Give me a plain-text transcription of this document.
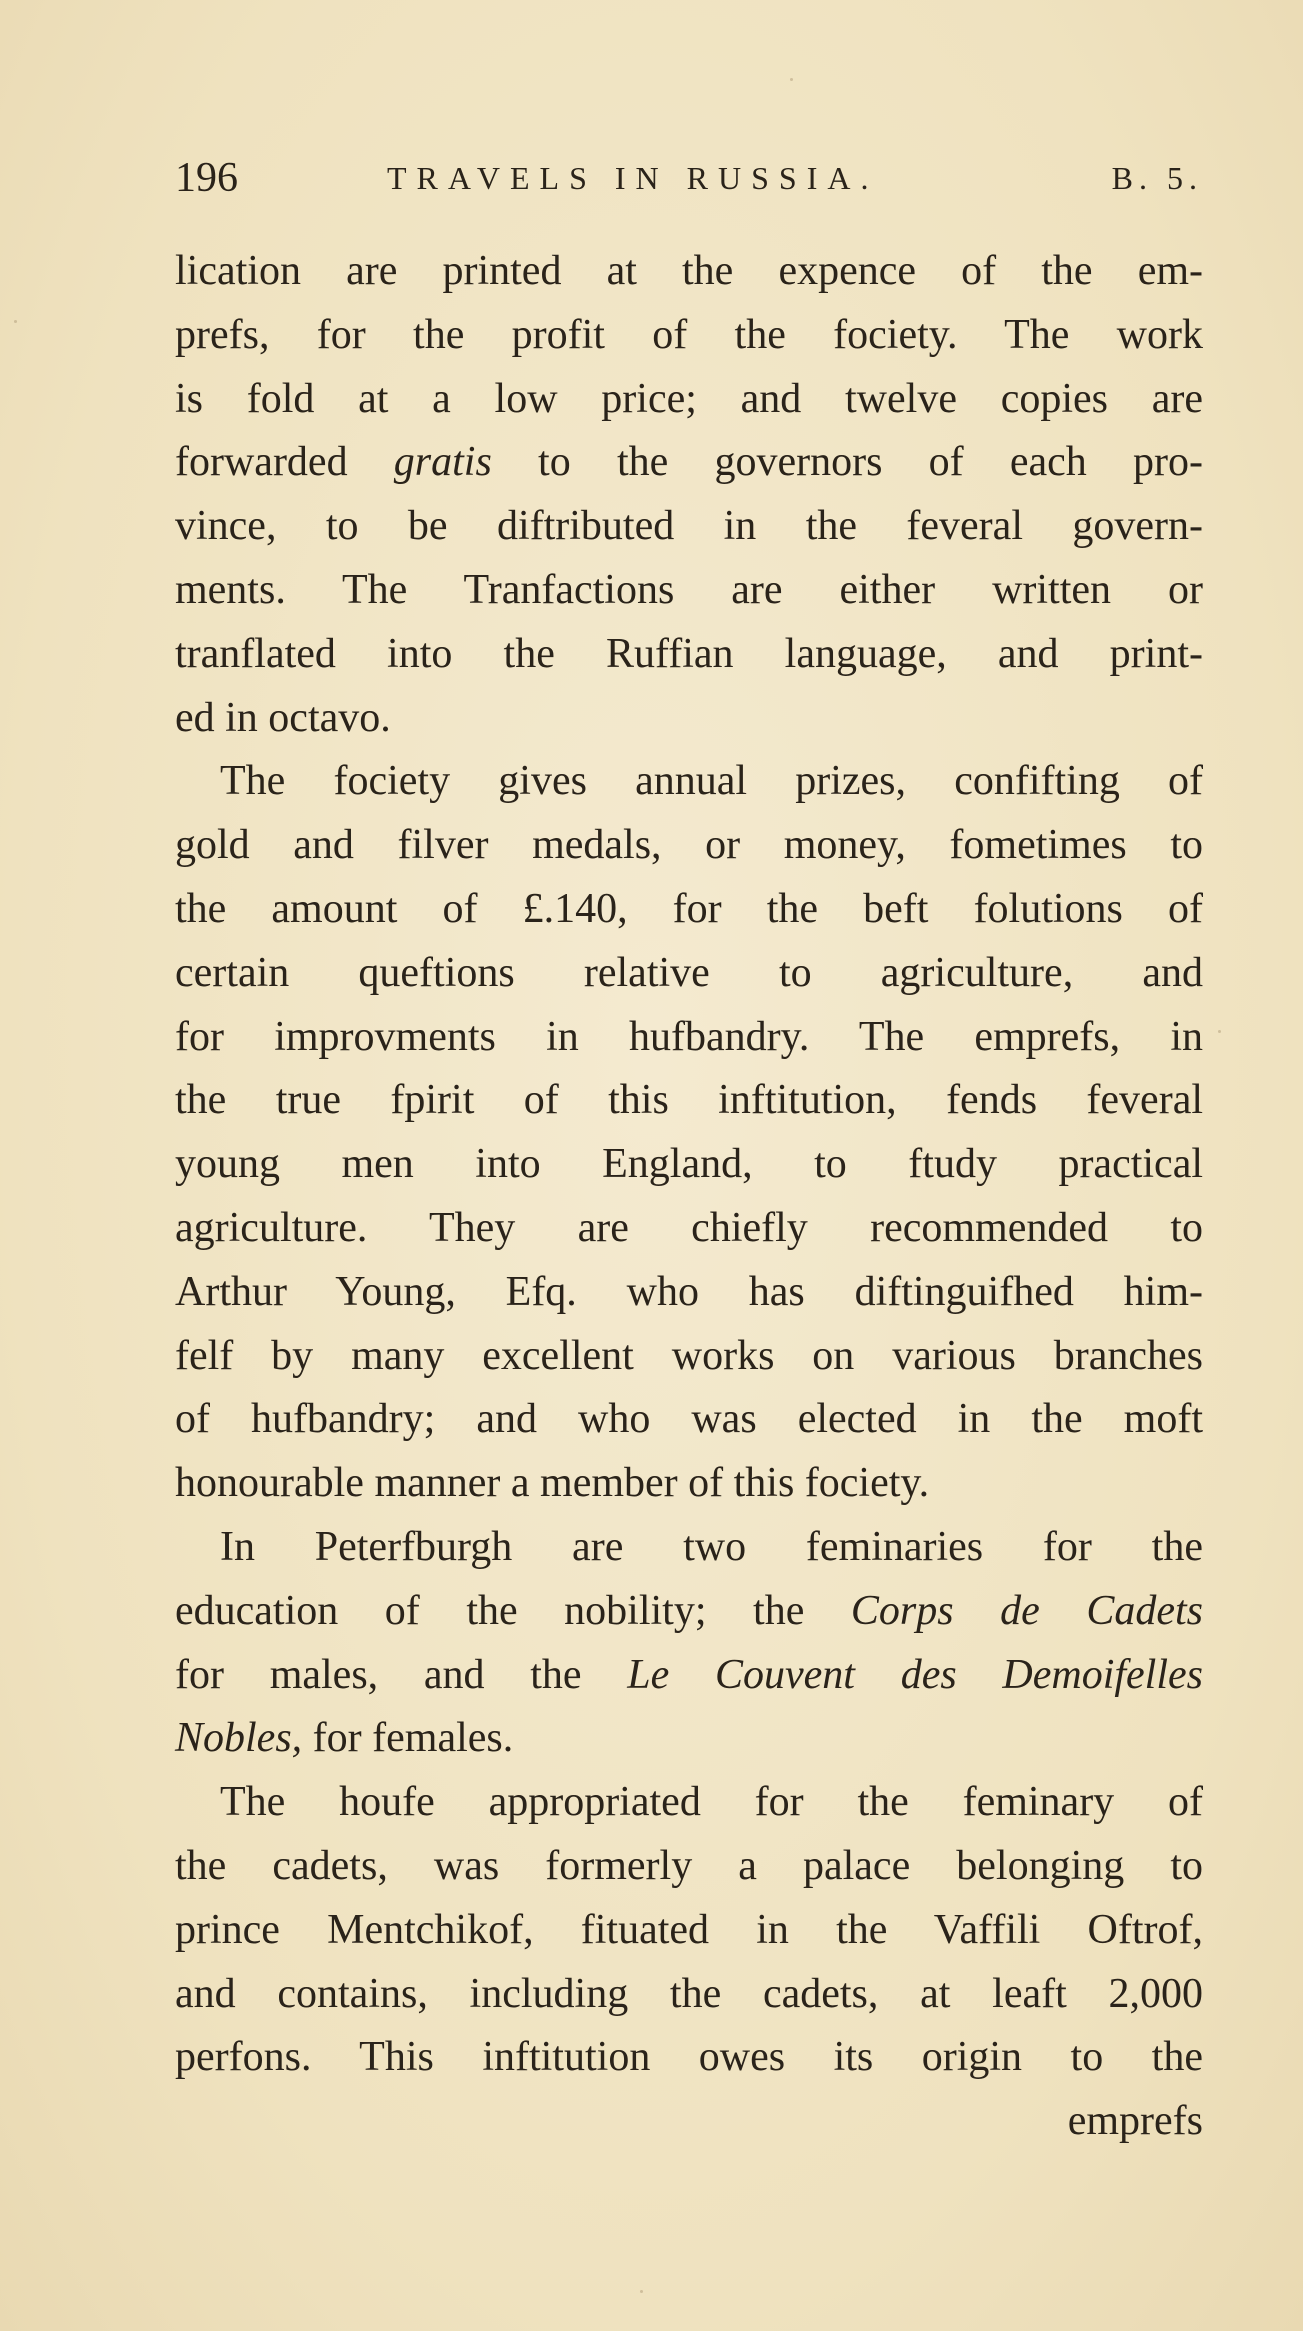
196	TRAVELS IN RUSSIA.	B. 5.
lication are printed at the expence of the em-
prefs, for the profit of the fociety. The work
is fold at a low price; and twelve copies are
forwarded gratis to the governors of each pro-
vince, to be diftributed in the feveral govern-
ments. The Tranfactions are either written or
tranflated into the Ruffian language, and print-
ed in octavo.
The fociety gives annual prizes, confifting of
gold and filver medals, or money, fometimes to
the amount of £.140, for the beft folutions of
certain queftions relative to agriculture, and
for improvments in hufbandry. The emprefs, in
the true fpirit of this inftitution, fends feveral
young men into England, to ftudy practical
agriculture. They are chiefly recommended to
Arthur Young, Efq. who has diftinguifhed him-
felf by many excellent works on various branches
of hufbandry; and who was elected in the moft
honourable manner a member of this fociety.
In Peterfburgh are two feminaries for the
education of the nobility; the Corps de Cadets
for males, and the Le Couvent des Demoifelles
Nobles, for females.
The houfe appropriated for the feminary of
the cadets, was formerly a palace belonging to
prince Mentchikof, fituated in the Vaffili Oftrof,
and contains, including the cadets, at leaft 2,000
perfons. This inftitution owes its origin to the
emprefs
